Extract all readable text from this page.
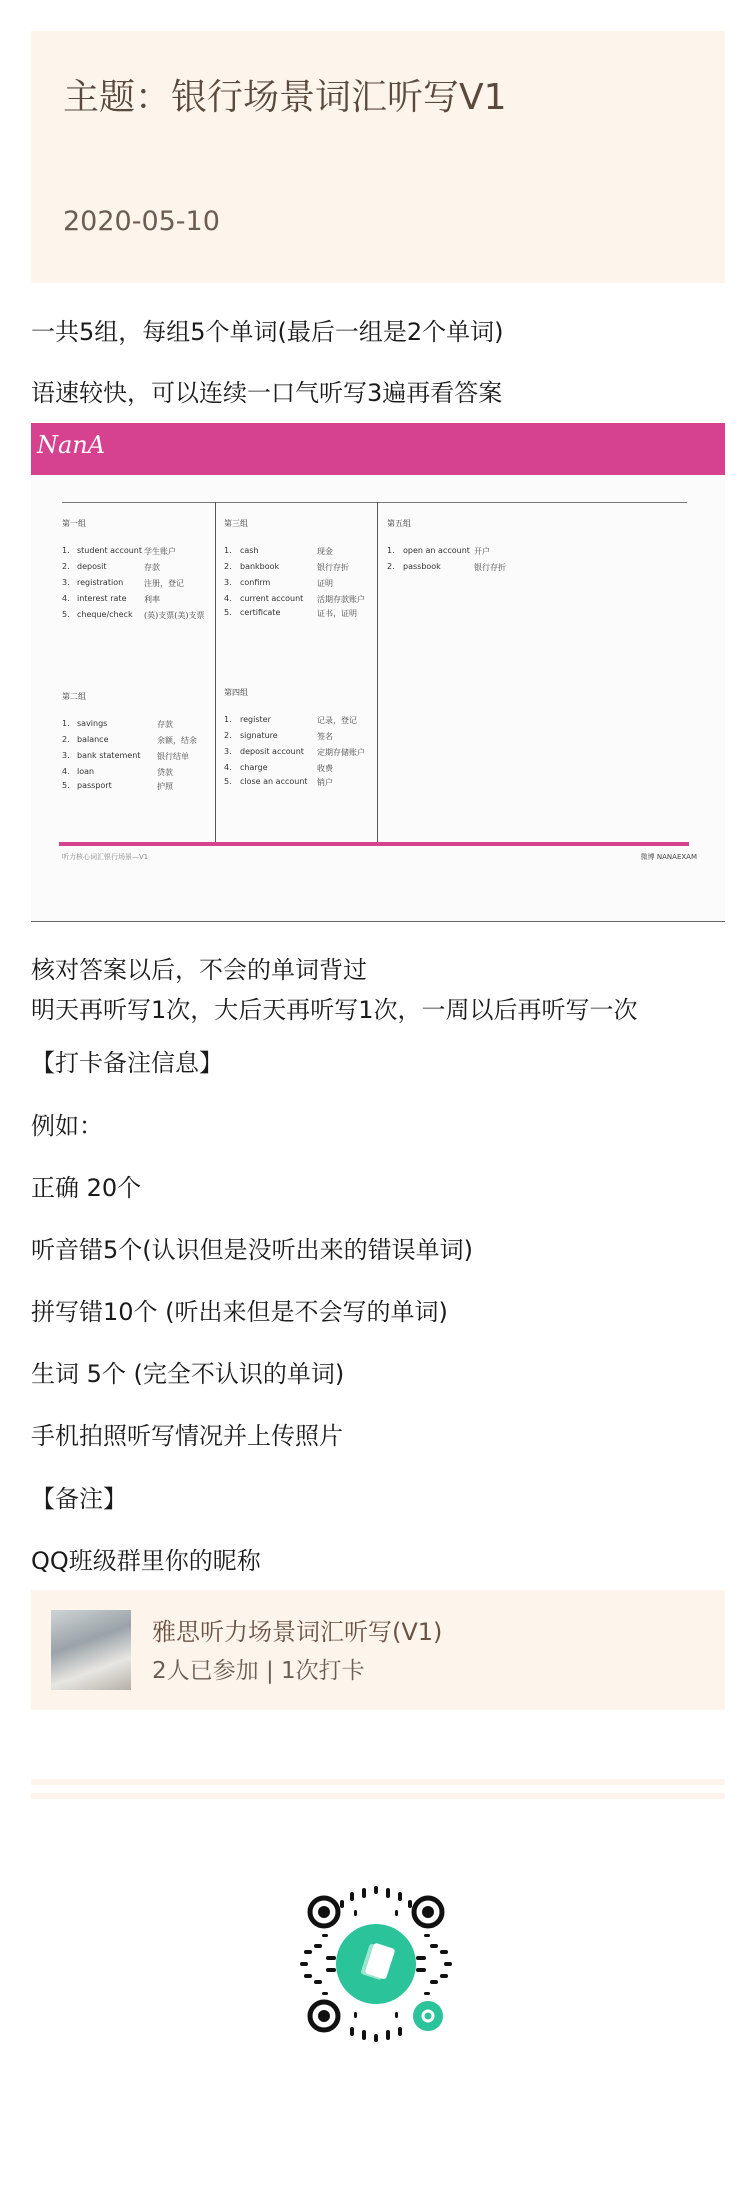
主题：银行场景词汇听写V1
2020-05-10
一共5组，每组5个单词(最后一组是2个单词)
语速较快，可以连续一口气听写3遍再看答案
NanA
第一组
第二组
第三组
第四组
第五组
1. student account 学生账户
2. deposit	存款
3. registration	注册，登记
4. interest rate 利率
5. cheque/check (英)支票(美)支票
1. savings	存款
2. balance	余额，结余
3. bank statement 银行结单
4. loan	贷款
5. passport	护照
1. cash	现金
2. bankbook	银行存折
3. confirm	证明
4. current account 活期存款账户
5. certificate	证书，证明
1. register	记录，登记
2. signature	签名
3. deposit account 定期存储账户
4. charge	收费
5. close an account 销户
1. open an account 开户
2. passbook	银行存折
听力核心词汇银行场景—V1	微博 NANAEXAM
核对答案以后，不会的单词背过
明天再听写1次，大后天再听写1次，一周以后再听写一次
【打卡备注信息】
例如：
正确 20个
听音错5个(认识但是没听出来的错误单词)
拼写错10个 (听出来但是不会写的单词)
生词 5个 (完全不认识的单词)
手机拍照听写情况并上传照片
【备注】
QQ班级群里你的昵称
雅思听力场景词汇听写(V1)
2人已参加 | 1次打卡
